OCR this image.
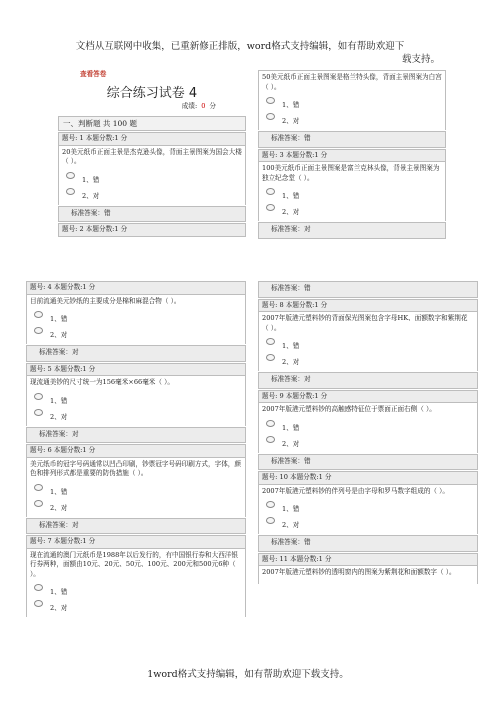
文档从互联网中收集，已重新修正排版，word格式支持编辑，如有帮助欢迎下
载支持。
查看答卷
综合练习试卷 4
成绩: 0 分
一、判断题 共 100 题
题号: 1 本题分数:1 分
20美元纸币正面主景是杰克逊头像，背面主景图案为国会大楼（ ）。
1、错
2、对
标准答案：错
题号: 2 本题分数:1 分
50美元纸币正面主景图案是格兰特头像，背面主景图案为白宫（ ）。
1、错
2、对
标准答案：错
题号: 3 本题分数:1 分
100美元纸币正面主景图案是富兰克林头像，背景主景图案为独立纪念堂（ ）。
1、错
2、对
标准答案：对
题号: 4 本题分数:1 分
目前流通美元钞纸的主要成分是棉和麻混合物（ ）。
1、错
2、对
标准答案：对
题号: 5 本题分数:1 分
现流通美钞的尺寸统一为156毫米×66毫米（ ）。
1、错
2、对
标准答案：对
题号: 6 本题分数:1 分
美元纸币的冠字号码通常以凹凸印刷，钞票冠字号码印刷方式，字体，颜色和排列形式都是重要的防伪措施（ ）。
1、错
2、对
标准答案：对
题号: 7 本题分数:1 分
现在流通的澳门元纸币是1988年以后发行的，有中国银行券和大西洋银行券两种，面额由10元、20元、50元、100元、200元和500元6种（ ）。
1、错
2、对
标准答案：错
题号: 8 本题分数:1 分
2007年版港元塑料钞的背面保光图案包含字母HK、面额数字和紫荆花（ ）。
1、错
2、对
标准答案：对
题号: 9 本题分数:1 分
2007年版港元塑料钞的高触感特征位于票面正面右侧（ ）。
1、错
2、对
标准答案：错
题号: 10 本题分数:1 分
2007年版港元塑料钞的伴列号是由字母和罗马数字组成的（ ）。
1、错
2、对
标准答案：错
题号: 11 本题分数:1 分
2007年版港元塑料钞的透明窗内的图案为紫荆花和面额数字（ ）。
1word格式支持编辑，如有帮助欢迎下载支持。
